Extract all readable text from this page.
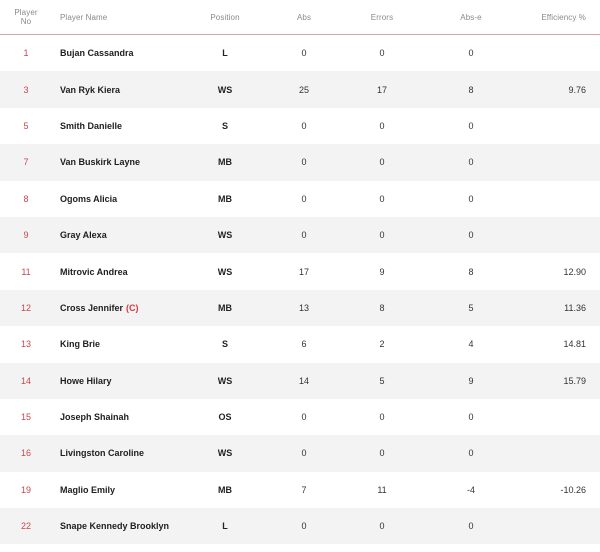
Player
No	Player Name	Position	Abs	Errors	Abs-e	Efficiency %
1	Bujan Cassandra	L	0	0	0
3	Van Ryk Kiera	WS	25	17	8	9.76
5	Smith Danielle	S	0	0	0
7	Van Buskirk Layne	MB	0	0	0
8	Ogoms Alicia	MB	0	0	0
9	Gray Alexa	WS	0	0	0
11	Mitrovic Andrea	WS	17	9	8	12.90
12	Cross Jennifer (C)	MB	13	8	5	11.36
13	King Brie	S	6	2	4	14.81
14	Howe Hilary	WS	14	5	9	15.79
15	Joseph Shainah	OS	0	0	0
16	Livingston Caroline	WS	0	0	0
19	Maglio Emily	MB	7	11	-4	-10.26
22	Snape Kennedy Brooklyn	L	0	0	0
